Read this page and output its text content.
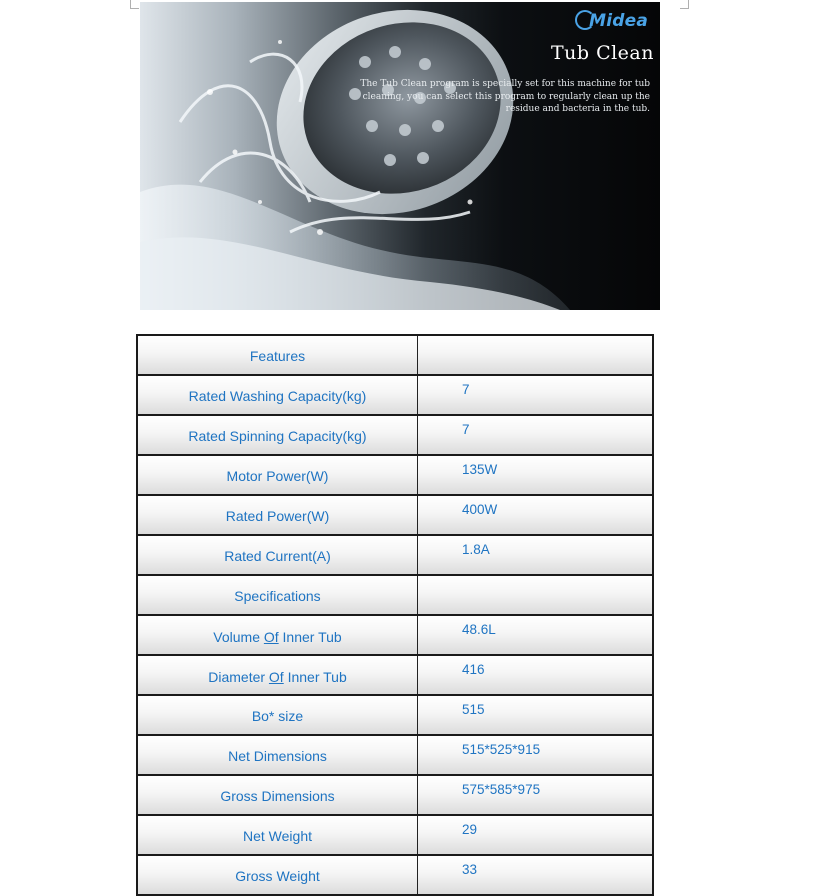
Midea
Tub Clean
The Tub Clean program is specially set for this machine for tub cleaning, you can select this program to regularly clean up the residue and bacteria in the tub.
Features	
Rated Washing Capacity(kg)	7
Rated Spinning Capacity(kg)	7
Motor Power(W)	135W
Rated Power(W)	400W
Rated Current(A)	1.8A
Specifications	
Volume Of Inner Tub	48.6L
Diameter Of Inner Tub	416
Bo* size	515
Net Dimensions	515*525*915
Gross Dimensions	575*585*975
Net Weight	29
Gross Weight	33
